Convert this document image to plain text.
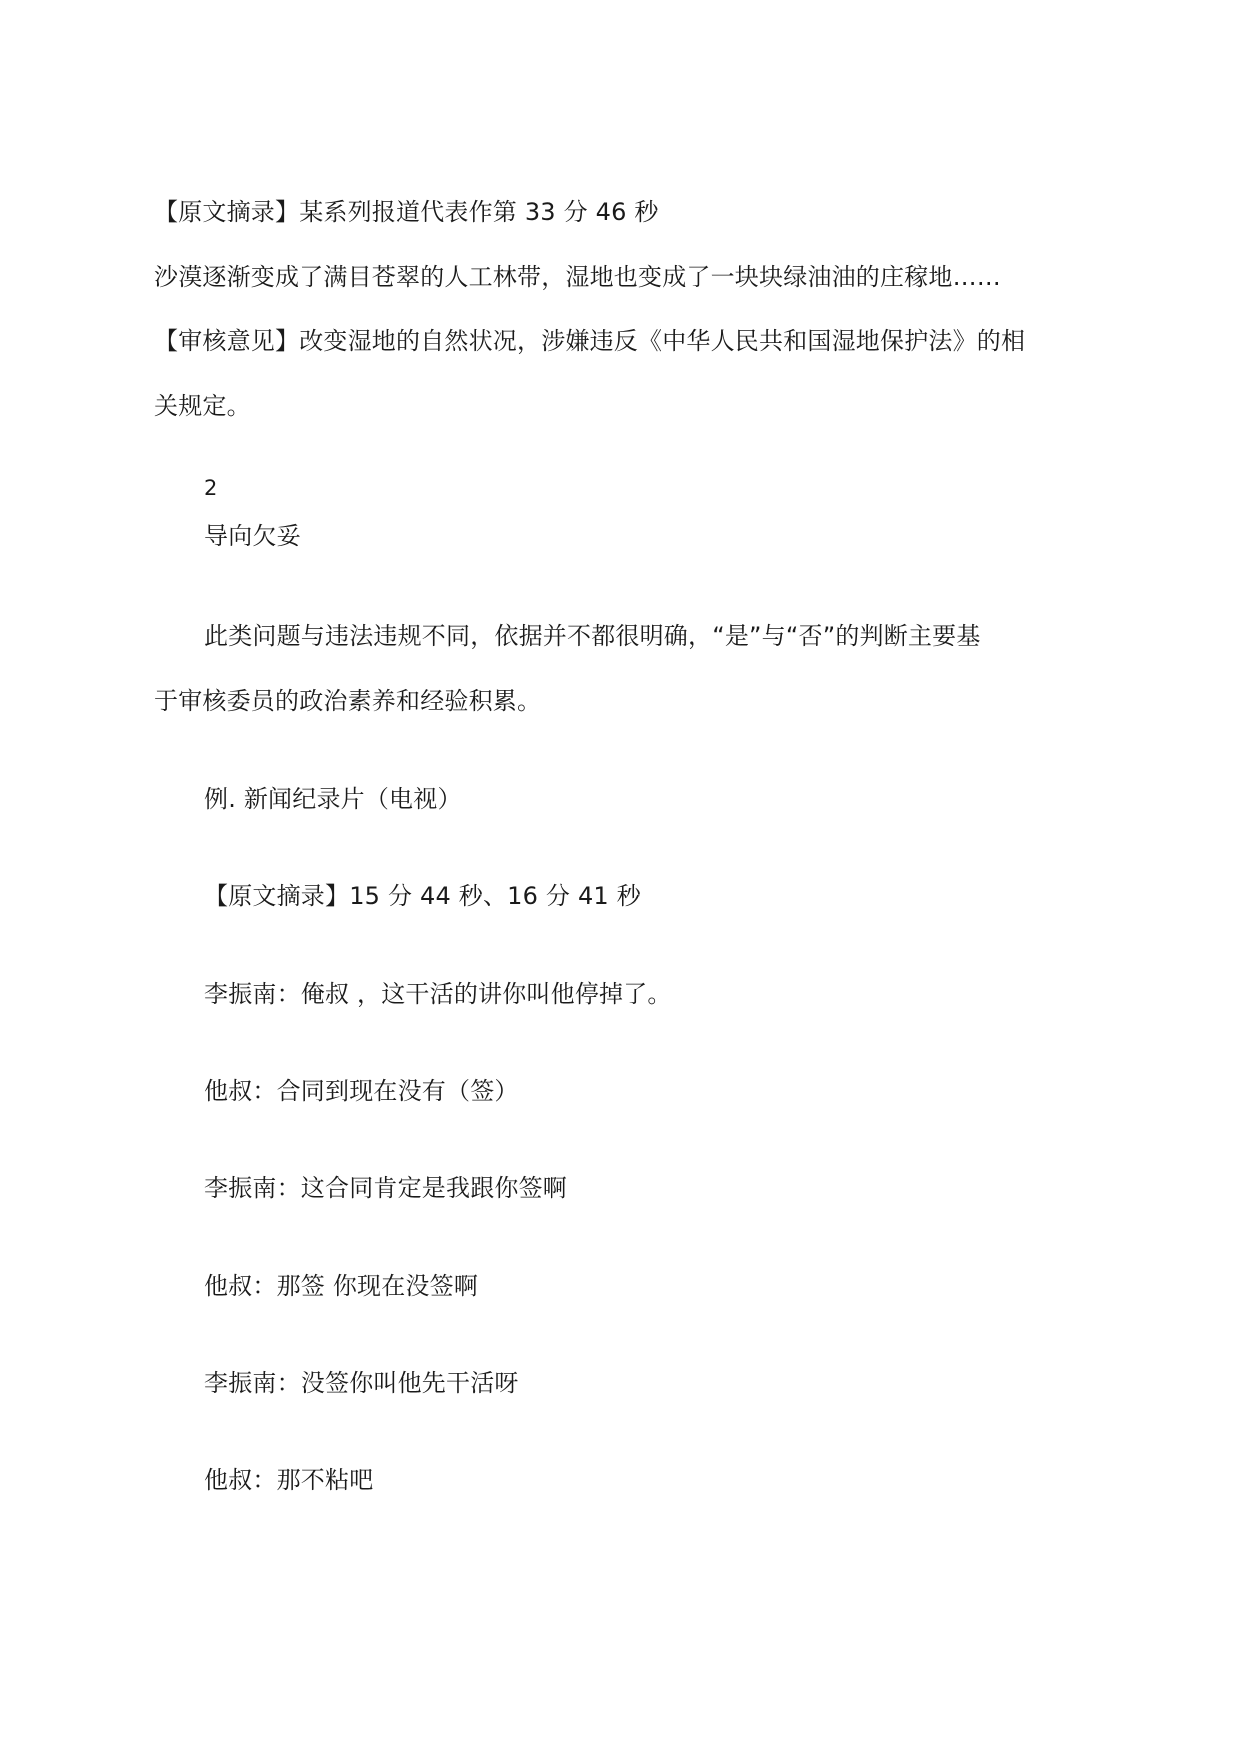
【原文摘录】某系列报道代表作第 33 分 46 秒

沙漠逐渐变成了满目苍翠的人工林带，湿地也变成了一块块绿油油的庄稼地……

【审核意见】改变湿地的自然状况，涉嫌违反《中华人民共和国湿地保护法》的相

关规定。

2

导向欠妥

此类问题与违法违规不同，依据并不都很明确，“是”与“否”的判断主要基

于审核委员的政治素养和经验积累。

例. 新闻纪录片（电视）

【原文摘录】15 分 44 秒、16 分 41 秒

李振南：俺叔 ，这干活的讲你叫他停掉了。

他叔：合同到现在没有（签）

李振南：这合同肯定是我跟你签啊

他叔：那签 你现在没签啊

李振南：没签你叫他先干活呀

他叔：那不粘吧
